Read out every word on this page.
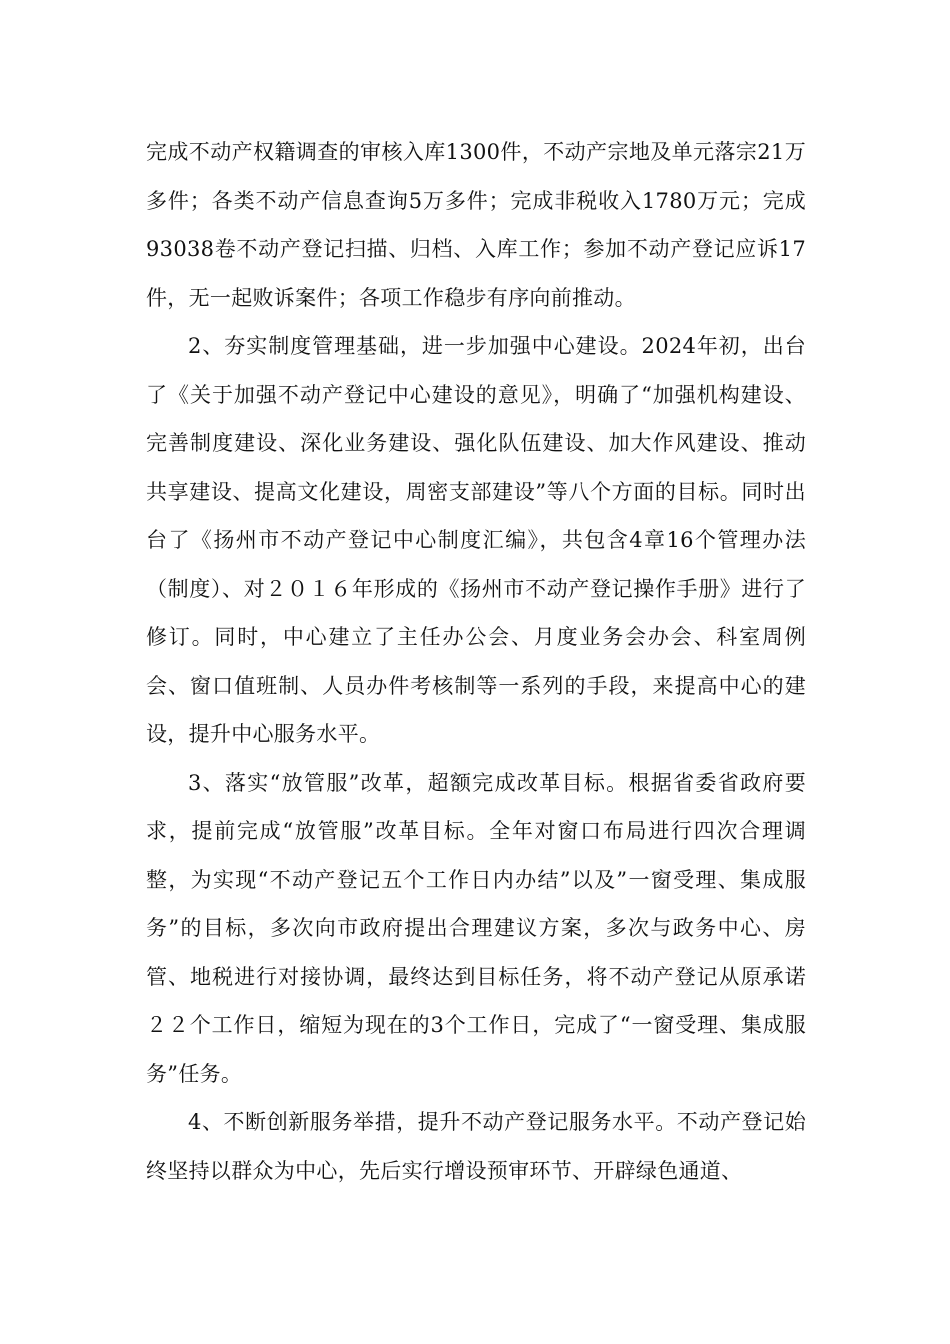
完成不动产权籍调查的审核入库1300件，不动产宗地及单元落宗21万多件；各类不动产信息查询5万多件；完成非税收入1780万元；完成93038卷不动产登记扫描、归档、入库工作；参加不动产登记应诉17件，无一起败诉案件；各项工作稳步有序向前推动。

2、夯实制度管理基础，进一步加强中心建设。2024年初，出台了《关于加强不动产登记中心建设的意见》，明确了“加强机构建设、完善制度建设、深化业务建设、强化队伍建设、加大作风建设、推动共享建设、提高文化建设，周密支部建设”等八个方面的目标。同时出台了《扬州市不动产登记中心制度汇编》，共包含4章16个管理办法（制度）、对２０１６年形成的《扬州市不动产登记操作手册》进行了修订。同时，中心建立了主任办公会、月度业务会办会、科室周例会、窗口值班制、人员办件考核制等一系列的手段，来提高中心的建设，提升中心服务水平。

3、落实“放管服”改革，超额完成改革目标。根据省委省政府要求，提前完成“放管服”改革目标。全年对窗口布局进行四次合理调整，为实现“不动产登记五个工作日内办结”以及”一窗受理、集成服务”的目标，多次向市政府提出合理建议方案，多次与政务中心、房管、地税进行对接协调，最终达到目标任务，将不动产登记从原承诺２２个工作日，缩短为现在的3个工作日，完成了“一窗受理、集成服务”任务。

4、不断创新服务举措，提升不动产登记服务水平。不动产登记始终坚持以群众为中心，先后实行增设预审环节、开辟绿色通道、
